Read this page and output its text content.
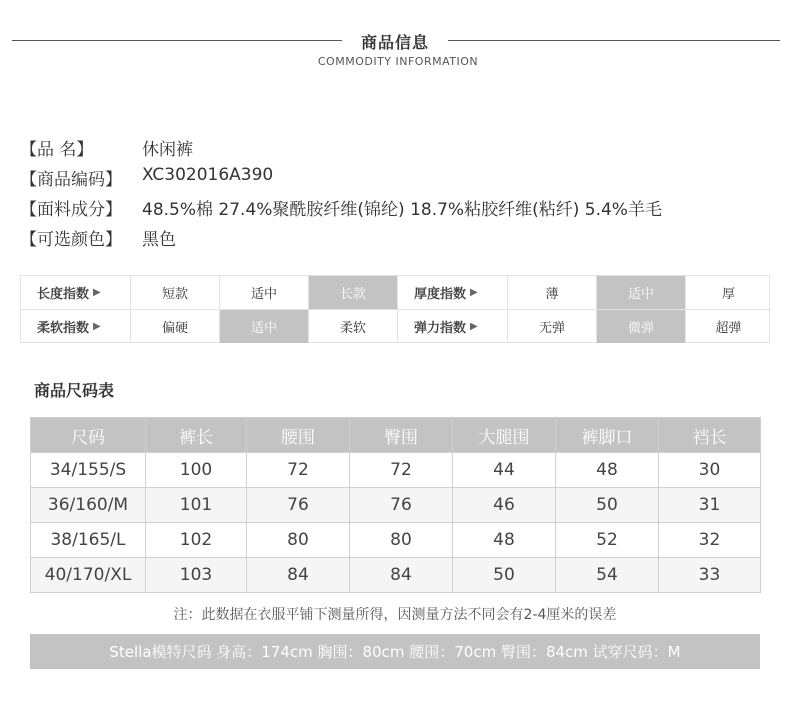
商品信息
COMMODITY INFORMATION
【品 名】	休闲裤
【商品编码】 XC302016A390
【面料成分】 48.5%棉 27.4%聚酰胺纤维(锦纶) 18.7%粘胶纤维(粘纤) 5.4%羊毛
【可选颜色】 黑色
长度指数 ▶	短款	适中	长款	厚度指数 ▶	薄	适中	厚
柔软指数 ▶	偏硬	适中	柔软	弹力指数 ▶	无弹	微弹	超弹
商品尺码表
尺码	裤长	腰围	臀围	大腿围	裤脚口	裆长
34/155/S	100	72	72	44	48	30
36/160/M	101	76	76	46	50	31
38/165/L	102	80	80	48	52	32
40/170/XL	103	84	84	50	54	33
注：此数据在衣服平铺下测量所得，因测量方法不同会有2-4厘米的误差
Stella模特尺码 身高：174cm 胸围：80cm 腰围：70cm 臀围：84cm 试穿尺码：M
